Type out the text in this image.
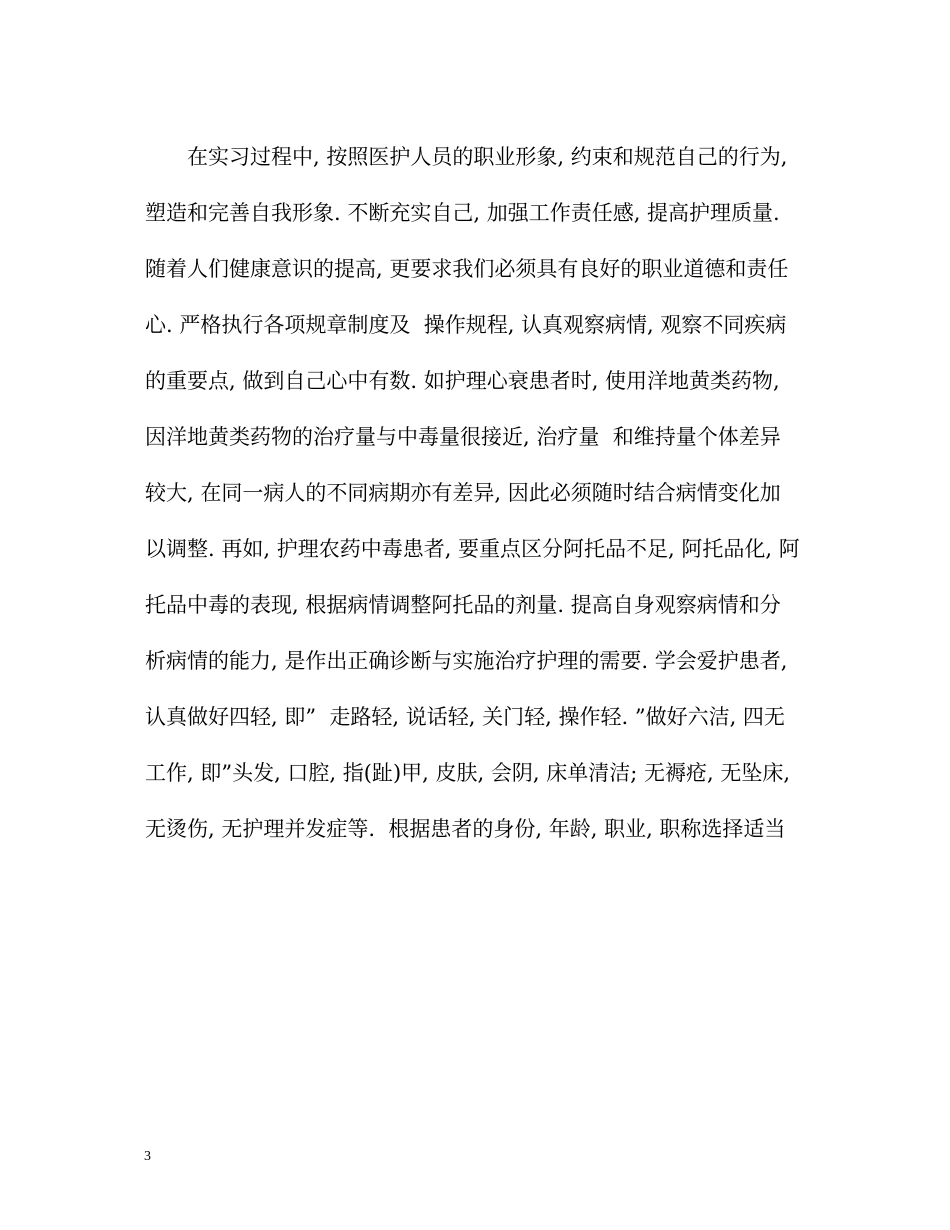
　　在实习过程中, 按照医护人员的职业形象, 约束和规范自己的行为,
塑造和完善自我形象. 不断充实自己, 加强工作责任感, 提高护理质量.
随着人们健康意识的提高, 更要求我们必须具有良好的职业道德和责任
心. 严格执行各项规章制度及  操作规程, 认真观察病情, 观察不同疾病
的重要点, 做到自己心中有数. 如护理心衰患者时, 使用洋地黄类药物,
因洋地黄类药物的治疗量与中毒量很接近, 治疗量  和维持量个体差异
较大, 在同一病人的不同病期亦有差异, 因此必须随时结合病情变化加
以调整. 再如, 护理农药中毒患者, 要重点区分阿托品不足, 阿托品化, 阿
托品中毒的表现, 根据病情调整阿托品的剂量. 提高自身观察病情和分
析病情的能力, 是作出正确诊断与实施治疗护理的需要. 学会爱护患者,
认真做好四轻, 即”  走路轻, 说话轻, 关门轻, 操作轻. ”做好六洁, 四无
工作, 即”头发, 口腔, 指(趾)甲, 皮肤, 会阴, 床单清洁; 无褥疮, 无坠床,
无烫伤, 无护理并发症等.  根据患者的身份, 年龄, 职业, 职称选择适当
3
